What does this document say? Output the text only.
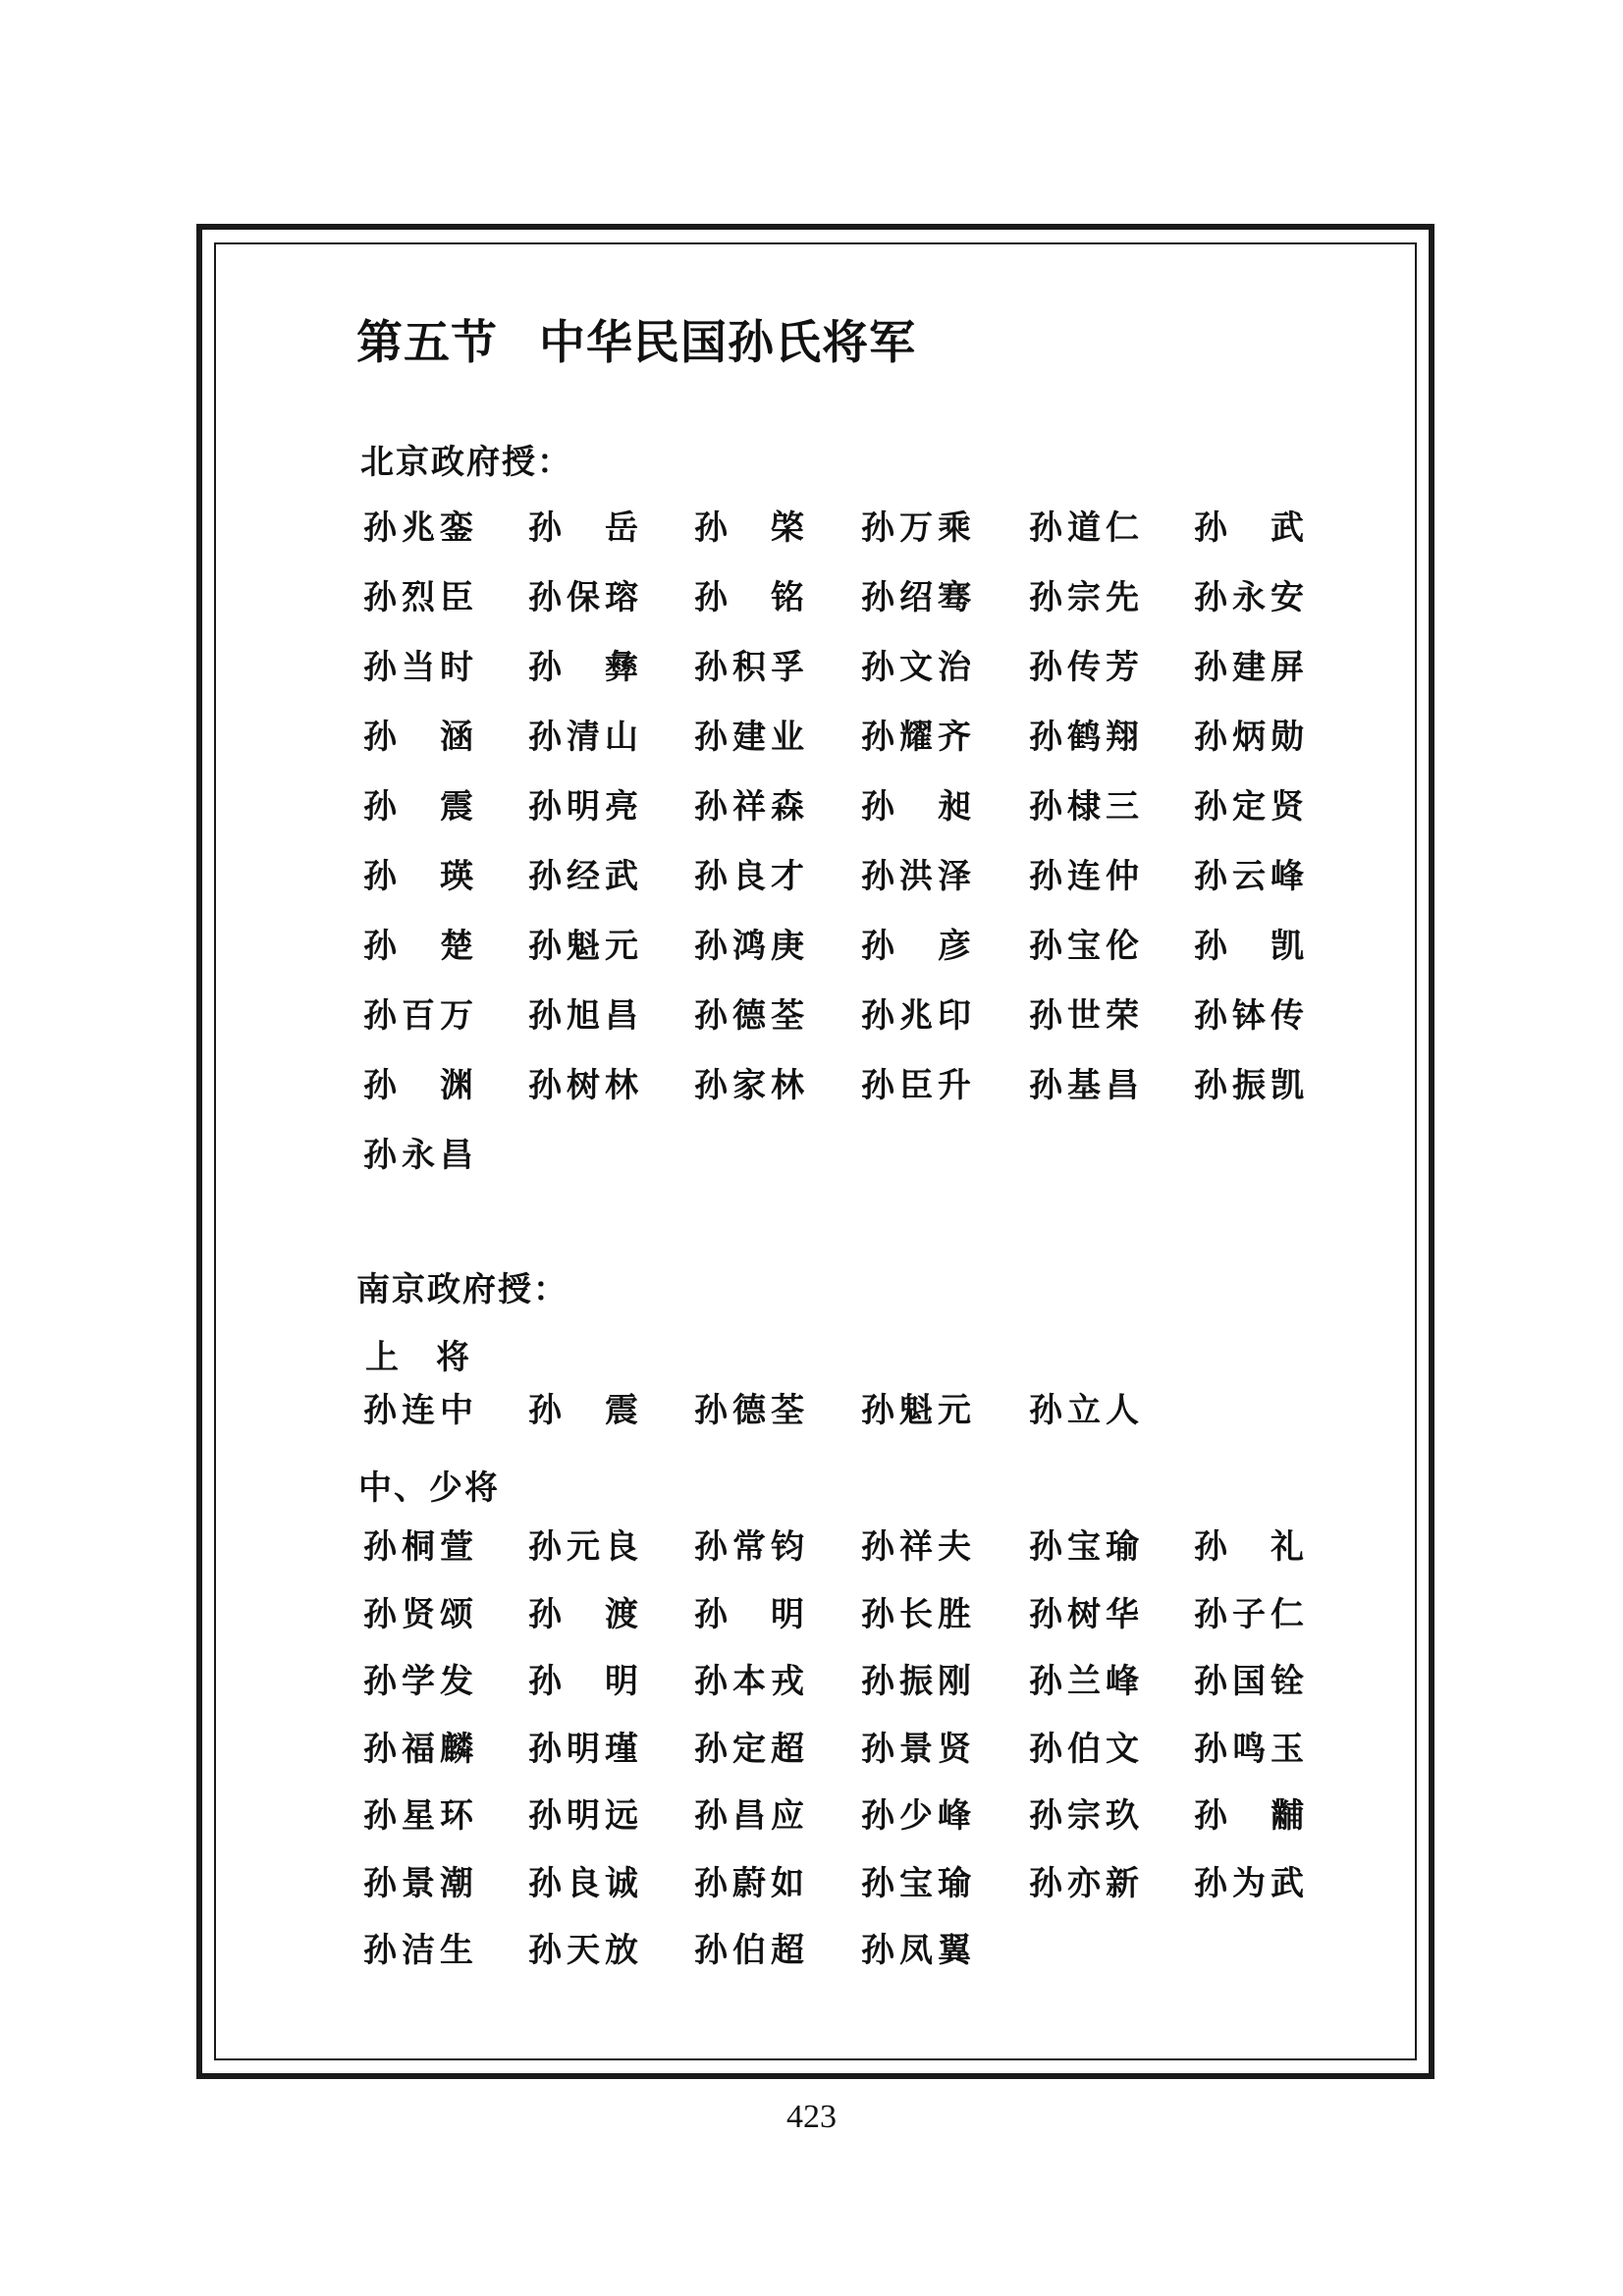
第五节 中华民国孙氏将军
北京政府授：
孙 兆 銮 孙
　 岳 孙
　 棨 孙 万 乘 孙 道 仁 孙
　 武
孙 烈 臣 孙 保 瑢 孙
　 铭 孙 绍 骞 孙 宗 先 孙 永 安
孙 当 时 孙
　 彝 孙 积 孚 孙 文 治 孙 传 芳 孙 建 屏
孙
　 涵 孙 清 山 孙 建 业 孙 耀 齐 孙 鹤 翔 孙 炳 勋
孙
　 震 孙 明 亮 孙 祥 森 孙
　 昶 孙 棣 三 孙 定 贤
孙
　 瑛 孙 经 武 孙 良 才 孙 洪 泽 孙 连 仲 孙 云 峰
孙
　 楚 孙 魁 元 孙 鸿 庚 孙
　 彦 孙 宝 伦 孙
　 凯
孙 百 万 孙 旭 昌 孙 德 荃 孙 兆 印 孙 世 荣 孙 钵 传
孙
　 渊 孙 树 林 孙 家 林 孙 臣 升 孙 基 昌 孙 振 凯
孙 永 昌
南京政府授：
上　将
孙 连 中 孙
　 震 孙 德 荃 孙 魁 元 孙 立 人
中、少将
孙 桐 萱 孙 元 良 孙 常 钧 孙 祥 夫 孙 宝 瑜 孙
　 礼
孙 贤 颂 孙
　 渡 孙
　 明 孙 长 胜 孙 树 华 孙 子 仁
孙 学 发 孙
　 明 孙 本 戎 孙 振 刚 孙 兰 峰 孙 国 铨
孙 福 麟 孙 明 瑾 孙 定 超 孙 景 贤 孙 伯 文 孙 鸣 玉
孙 星 环 孙 明 远 孙 昌 应 孙 少 峰 孙 宗 玖 孙
　 黼
孙 景 潮 孙 良 诚 孙 蔚 如 孙 宝 瑜 孙 亦 新 孙 为 武
孙 洁 生 孙 天 放 孙 伯 超 孙 凤 翼
423
